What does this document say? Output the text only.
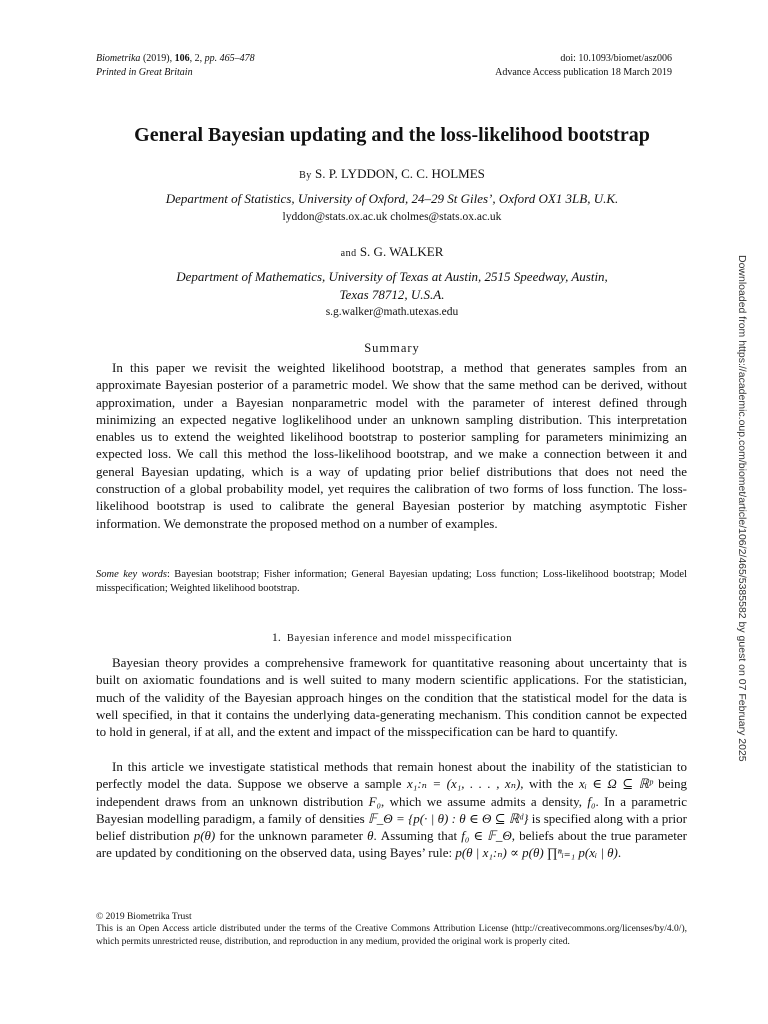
Biometrika (2019), 106, 2, pp. 465–478
Printed in Great Britain
doi: 10.1093/biomet/asz006
Advance Access publication 18 March 2019
General Bayesian updating and the loss-likelihood bootstrap
By S. P. LYDDON, C. C. HOLMES
Department of Statistics, University of Oxford, 24–29 St Giles’, Oxford OX1 3LB, U.K.
lyddon@stats.ox.ac.uk cholmes@stats.ox.ac.uk
and S. G. WALKER
Department of Mathematics, University of Texas at Austin, 2515 Speedway, Austin,
Texas 78712, U.S.A.
s.g.walker@math.utexas.edu
Summary

In this paper we revisit the weighted likelihood bootstrap, a method that generates samples from an approximate Bayesian posterior of a parametric model. We show that the same method can be derived, without approximation, under a Bayesian nonparametric model with the parameter of interest defined through minimizing an expected negative loglikelihood under an unknown sampling distribution. This interpretation enables us to extend the weighted likelihood bootstrap to posterior sampling for parameters minimizing an expected loss. We call this method the loss-likelihood bootstrap, and we make a connection between it and general Bayesian updating, which is a way of updating prior belief distributions that does not need the construction of a global probability model, yet requires the calibration of two forms of loss function. The loss-likelihood bootstrap is used to calibrate the general Bayesian posterior by matching asymptotic Fisher information. We demonstrate the proposed method on a number of examples.

Some key words: Bayesian bootstrap; Fisher information; General Bayesian updating; Loss function; Loss-likelihood bootstrap; Model misspecification; Weighted likelihood bootstrap.
1. Bayesian inference and model misspecification

Bayesian theory provides a comprehensive framework for quantitative reasoning about uncertainty that is built on axiomatic foundations and is well suited to many modern scientific applications. For the statistician, much of the validity of the Bayesian approach hinges on the condition that the statistical model for the data is well specified, in that it contains the underlying data-generating mechanism. This condition cannot be expected to hold in general, if at all, and the extent and impact of the misspecification can be hard to quantify.

In this article we investigate statistical methods that remain honest about the inability of the statistician to perfectly model the data. Suppose we observe a sample x₁:ₙ = (x₁, . . . , xₙ), with the xᵢ ∈ Ω ⊆ ℝᵖ being independent draws from an unknown distribution F₀, which we assume admits a density, f₀. In a parametric Bayesian modelling paradigm, a family of densities 𝔽_Θ = {p(· | θ) : θ ∈ Θ ⊆ ℝᵈ} is specified along with a prior belief distribution p(θ) for the unknown parameter θ. Assuming that f₀ ∈ 𝔽_Θ, beliefs about the true parameter are updated by conditioning on the observed data, using Bayes’ rule: p(θ | x₁:ₙ) ∝ p(θ) ∏ⁿᵢ₌₁ p(xᵢ | θ).

Downloaded from https://academic.oup.com/biomet/article/106/2/465/5385582 by guest on 07 February 2025

© 2019 Biometrika Trust

This is an Open Access article distributed under the terms of the Creative Commons Attribution License (http://creativecommons.org/licenses/by/4.0/), which permits unrestricted reuse, distribution, and reproduction in any medium, provided the original work is properly cited.
